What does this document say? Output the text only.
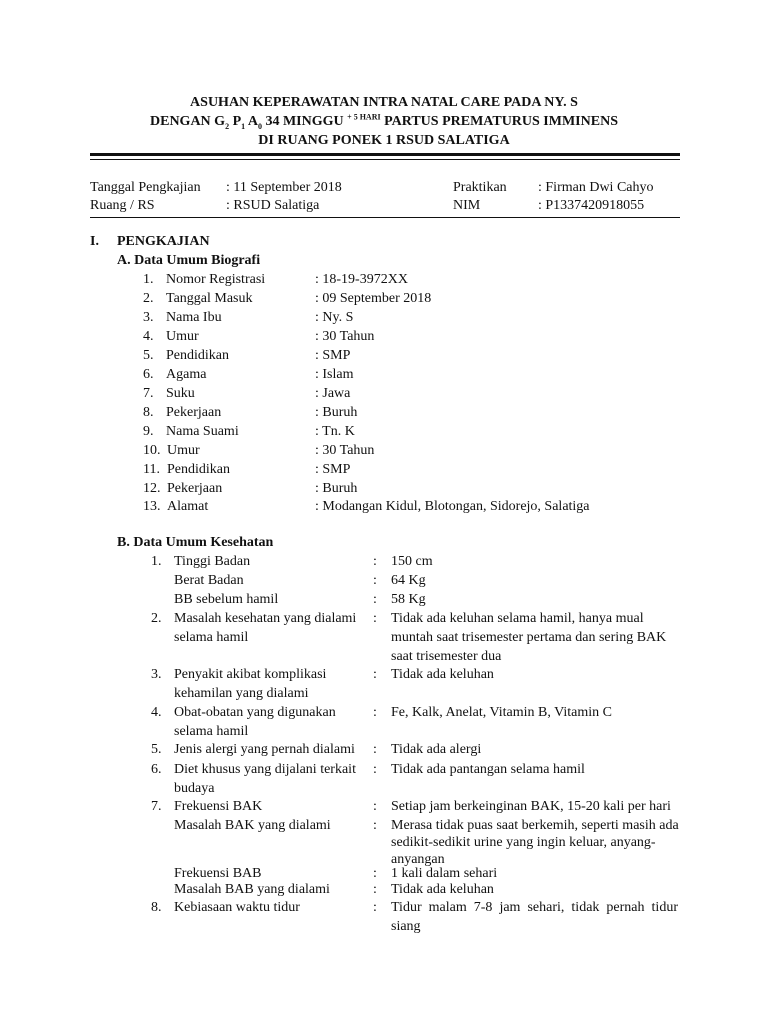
ASUHAN KEPERAWATAN INTRA NATAL CARE PADA NY. S
DENGAN $G_2$ $P_1$ $A_0$ 34 MINGGU $^{+ 5 HARI}$ PARTUS PREMATURUS IMMINENS
DI RUANG PONEK 1 RSUD SALATIGA
Tanggal Pengkajian : 11 September 2018	Praktikan : Firman Dwi Cahyo
Ruang / RS	: RSUD Salatiga	NIM	: P1337420918055
I. PENGKAJIAN
A. Data Umum Biografi
1. Nomor Registrasi	: 18-19-3972XX
2. Tanggal Masuk	: 09 September 2018
3. Nama Ibu	: Ny. S
4. Umur	: 30 Tahun
5. Pendidikan	: SMP
6. Agama	: Islam
7. Suku	: Jawa
8. Pekerjaan	: Buruh
9. Nama Suami	: Tn. K
10. Umur	: 30 Tahun
11. Pendidikan	: SMP
12. Pekerjaan	: Buruh
13. Alamat	: Modangan Kidul, Blotongan, Sidorejo, Salatiga
B. Data Umum Kesehatan
1. Tinggi Badan	: 150 cm
Berat Badan	: 64 Kg
BB sebelum hamil	: 58 Kg
2. Masalah kesehatan yang dialami
selama hamil
: Tidak ada keluhan selama hamil, hanya mual
muntah saat trisemester pertama dan sering BAK
saat trisemester dua
3. Penyakit akibat komplikasi
kehamilan yang dialami
: Tidak ada keluhan
4. Obat-obatan yang digunakan
selama hamil
: Fe, Kalk, Anelat, Vitamin B, Vitamin C
5. Jenis alergi yang pernah dialami : Tidak ada alergi
6. Diet khusus yang dijalani terkait
budaya
: Tidak ada pantangan selama hamil
7. Frekuensi BAK	: Setiap jam berkeinginan BAK, 15-20 kali per hari
Masalah BAK yang dialami	: Merasa tidak puas saat berkemih, seperti masih ada
sedikit-sedikit urine yang ingin keluar, anyang-
anyangan
Frekuensi BAB	: 1 kali dalam sehari
Masalah BAB yang dialami	: Tidak ada keluhan
8. Kebiasaan waktu tidur	: Tidur malam 7-8 jam sehari, tidak pernah tidur
siang
